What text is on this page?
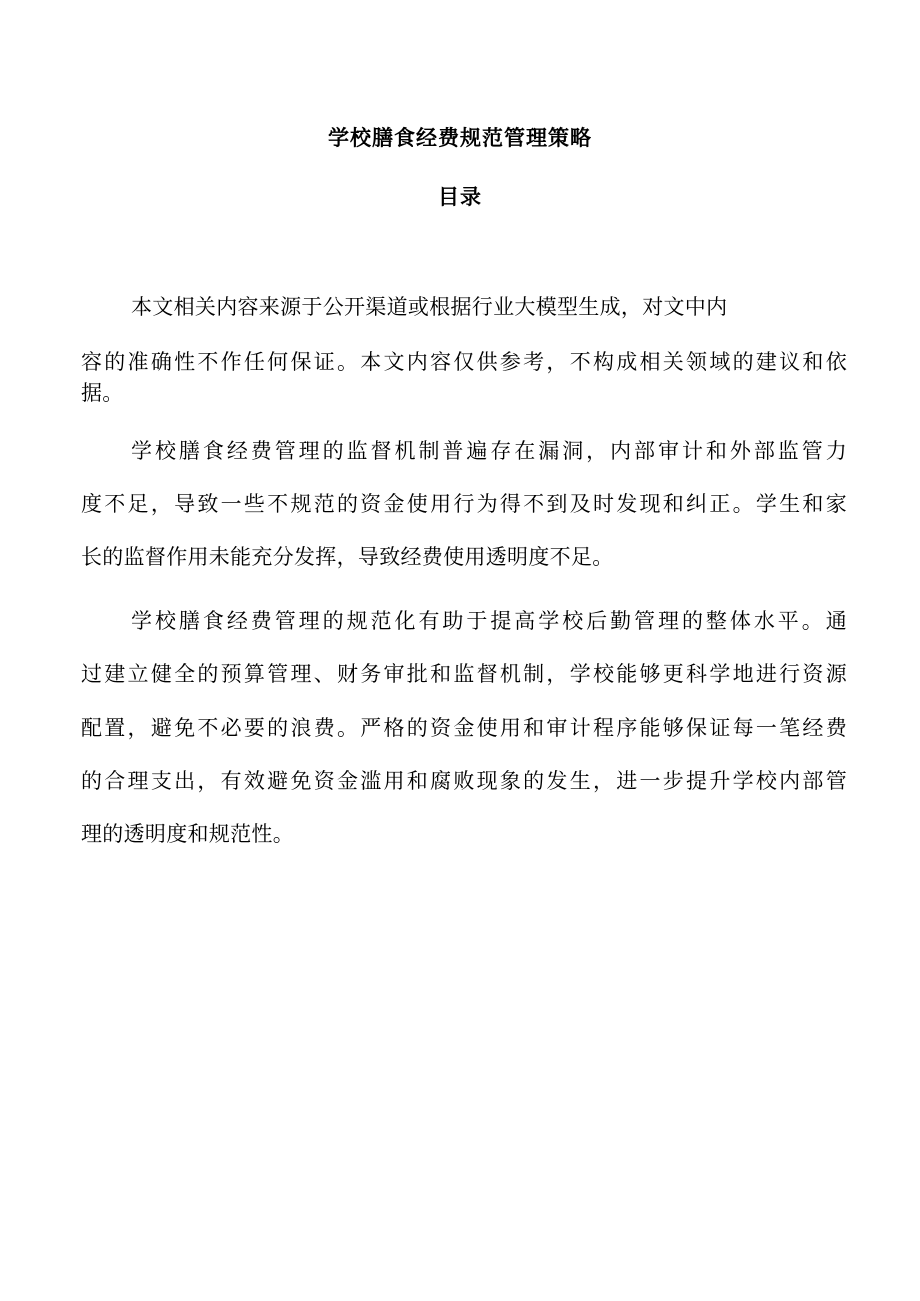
学校膳食经费规范管理策略
目录

本文相关内容来源于公开渠道或根据行业大模型生成，对文中内

容的准确性不作任何保证。本文内容仅供参考，不构成相关领域的建议和依

据。

学校膳食经费管理的监督机制普遍存在漏洞，内部审计和外部监管力

度不足，导致一些不规范的资金使用行为得不到及时发现和纠正。学生和家

长的监督作用未能充分发挥，导致经费使用透明度不足。

学校膳食经费管理的规范化有助于提高学校后勤管理的整体水平。通

过建立健全的预算管理、财务审批和监督机制，学校能够更科学地进行资源

配置，避免不必要的浪费。严格的资金使用和审计程序能够保证每一笔经费

的合理支出，有效避免资金滥用和腐败现象的发生，进一步提升学校内部管

理的透明度和规范性。
